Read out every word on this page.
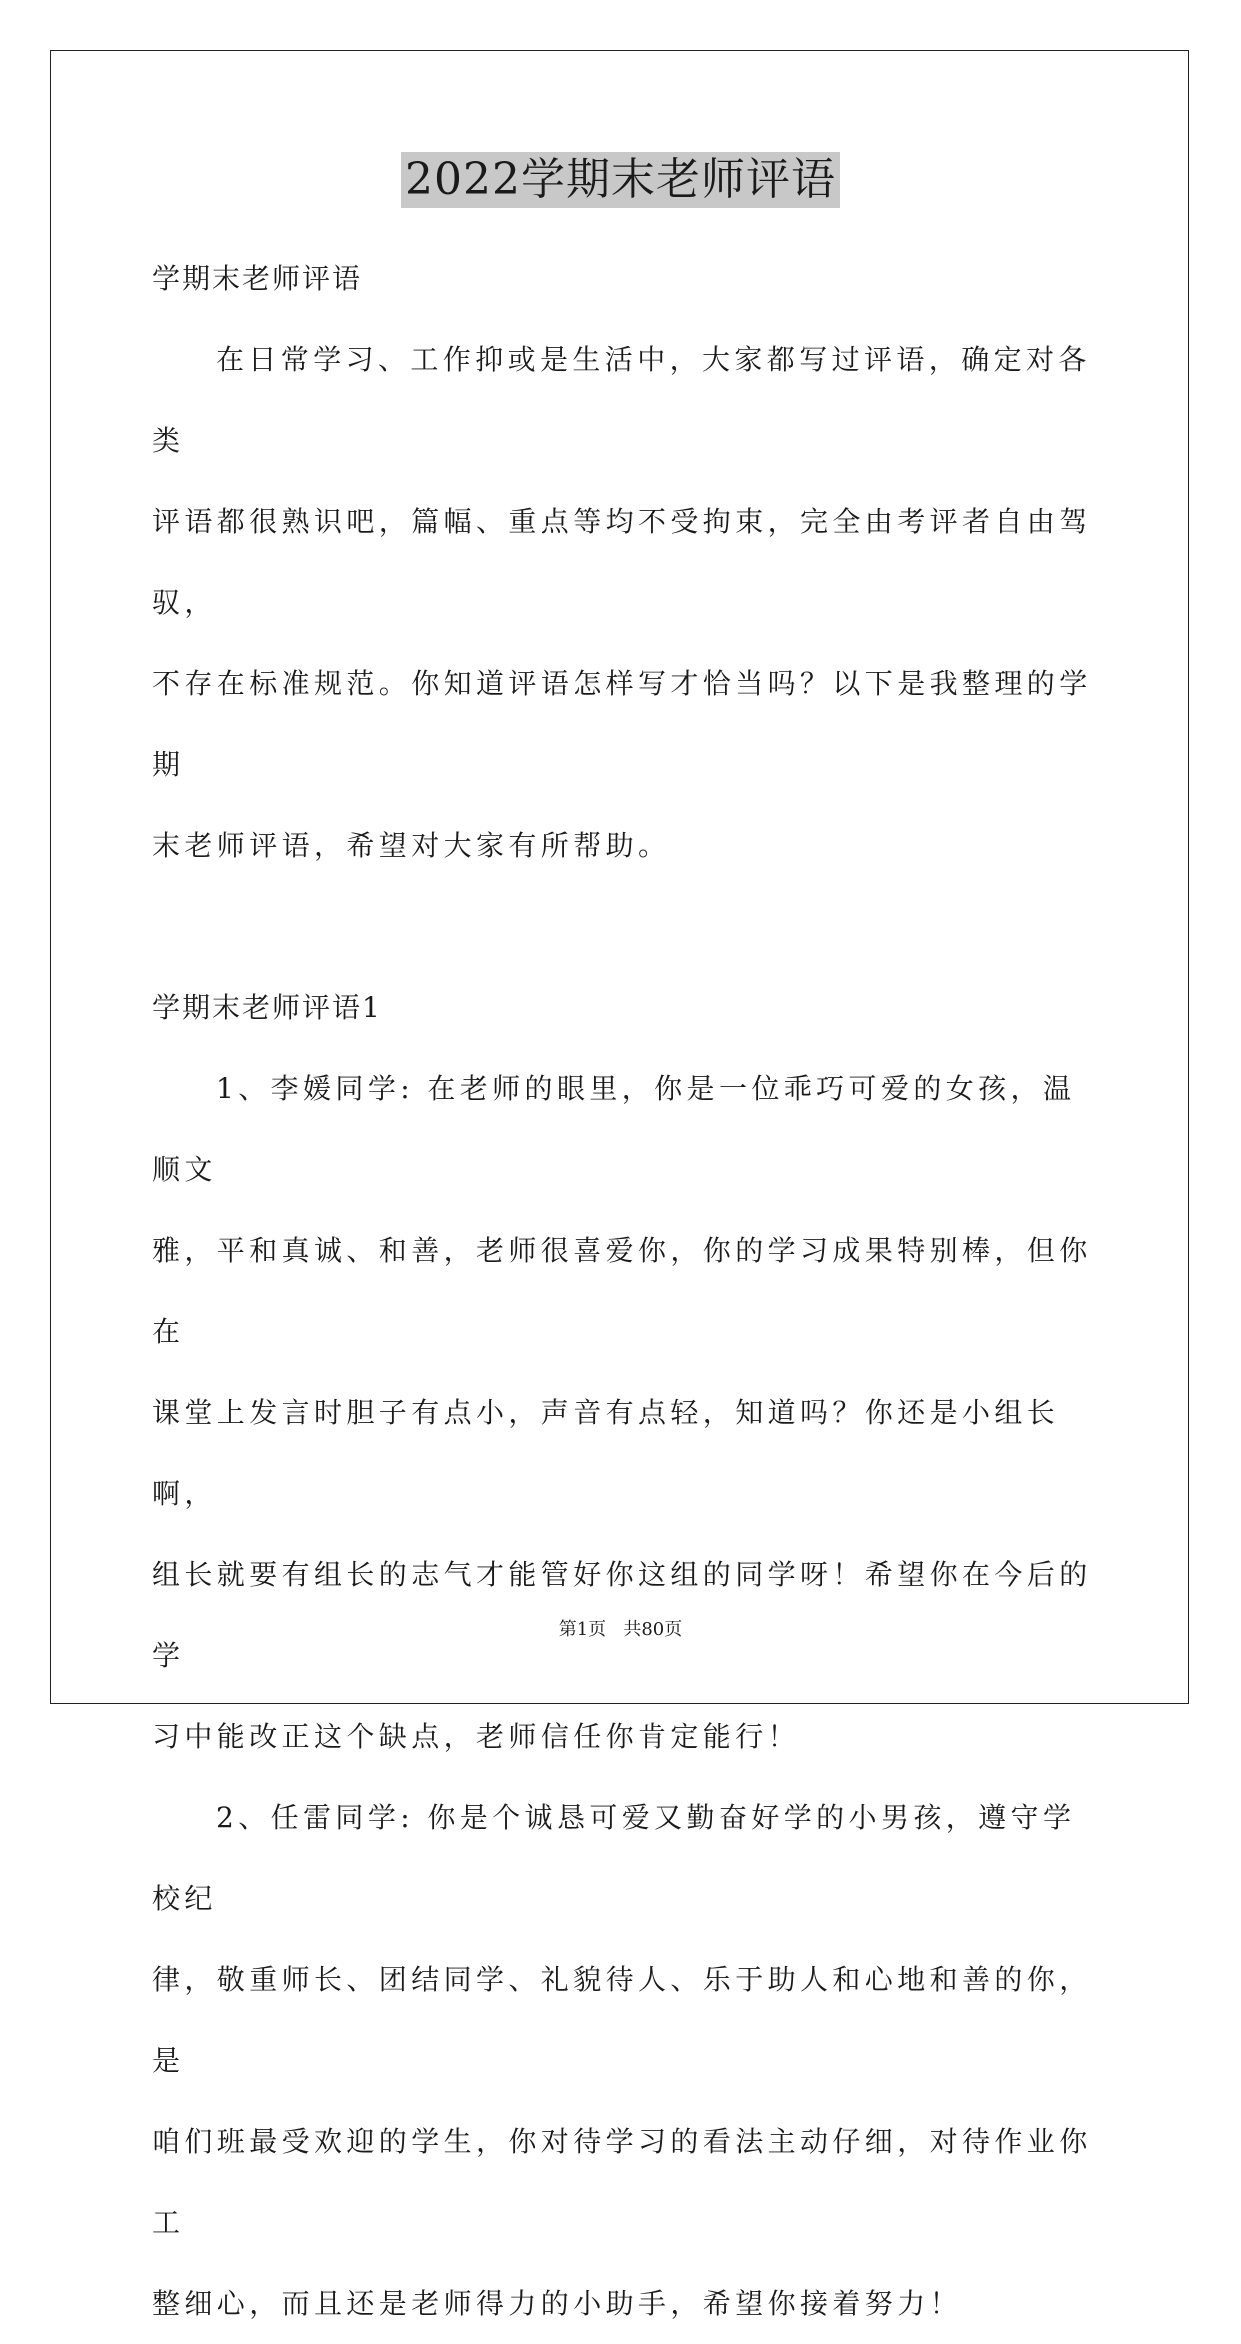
2022学期末老师评语

学期末老师评语

在日常学习、工作抑或是生活中，大家都写过评语，确定对各类

评语都很熟识吧，篇幅、重点等均不受拘束，完全由考评者自由驾驭，

不存在标准规范。你知道评语怎样写才恰当吗？以下是我整理的学期

末老师评语，希望对大家有所帮助。

学期末老师评语1

1、李媛同学: 在老师的眼里，你是一位乖巧可爱的女孩，温顺文

雅，平和真诚、和善，老师很喜爱你，你的学习成果特别棒，但你在

课堂上发言时胆子有点小，声音有点轻，知道吗？你还是小组长啊，

组长就要有组长的志气才能管好你这组的同学呀！希望你在今后的学

习中能改正这个缺点，老师信任你肯定能行！

2、任雷同学: 你是个诚恳可爱又勤奋好学的小男孩，遵守学校纪

律，敬重师长、团结同学、礼貌待人、乐于助人和心地和善的你，是

咱们班最受欢迎的学生，你对待学习的看法主动仔细，对待作业你工

整细心，而且还是老师得力的小助手，希望你接着努力！

第1页   共80页
